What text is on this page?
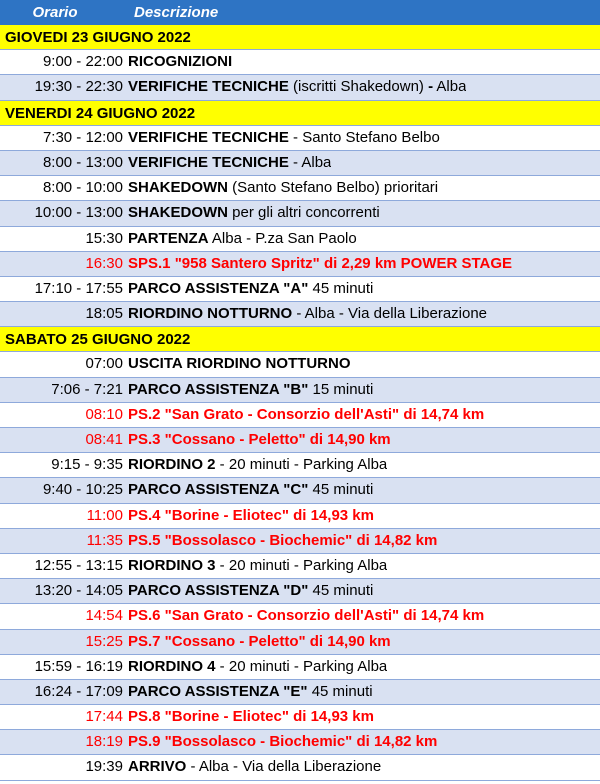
Orario	Descrizione
GIOVEDI 23 GIUGNO 2022
9:00 - 22:00 RICOGNIZIONI
19:30 - 22:30 VERIFICHE TECNICHE (iscritti Shakedown) - Alba
VENERDI 24 GIUGNO 2022
7:30 - 12:00 VERIFICHE TECNICHE - Santo Stefano Belbo
8:00 - 13:00 VERIFICHE TECNICHE - Alba
8:00 - 10:00 SHAKEDOWN (Santo Stefano Belbo) prioritari
10:00 - 13:00 SHAKEDOWN per gli altri concorrenti
15:30 PARTENZA Alba - P.za San Paolo
16:30 SPS.1 "958 Santero Spritz" di 2,29 km POWER STAGE
17:10 - 17:55 PARCO ASSISTENZA "A" 45 minuti
18:05 RIORDINO NOTTURNO - Alba - Via della Liberazione
SABATO 25 GIUGNO 2022
07:00 USCITA RIORDINO NOTTURNO
7:06 - 7:21 PARCO ASSISTENZA "B" 15 minuti
08:10 PS.2 "San Grato - Consorzio dell'Asti" di 14,74 km
08:41 PS.3 "Cossano - Peletto" di 14,90 km
9:15 - 9:35 RIORDINO 2 - 20 minuti - Parking Alba
9:40 - 10:25 PARCO ASSISTENZA "C" 45 minuti
11:00 PS.4 "Borine - Eliotec" di 14,93 km
11:35 PS.5 "Bossolasco - Biochemic" di 14,82 km
12:55 - 13:15 RIORDINO 3 - 20 minuti - Parking Alba
13:20 - 14:05 PARCO ASSISTENZA "D" 45 minuti
14:54 PS.6 "San Grato - Consorzio dell'Asti" di 14,74 km
15:25 PS.7 "Cossano - Peletto" di 14,90 km
15:59 - 16:19 RIORDINO 4 - 20 minuti - Parking Alba
16:24 - 17:09 PARCO ASSISTENZA "E" 45 minuti
17:44 PS.8 "Borine - Eliotec" di 14,93 km
18:19 PS.9 "Bossolasco - Biochemic" di 14,82 km
19:39 ARRIVO - Alba - Via della Liberazione
